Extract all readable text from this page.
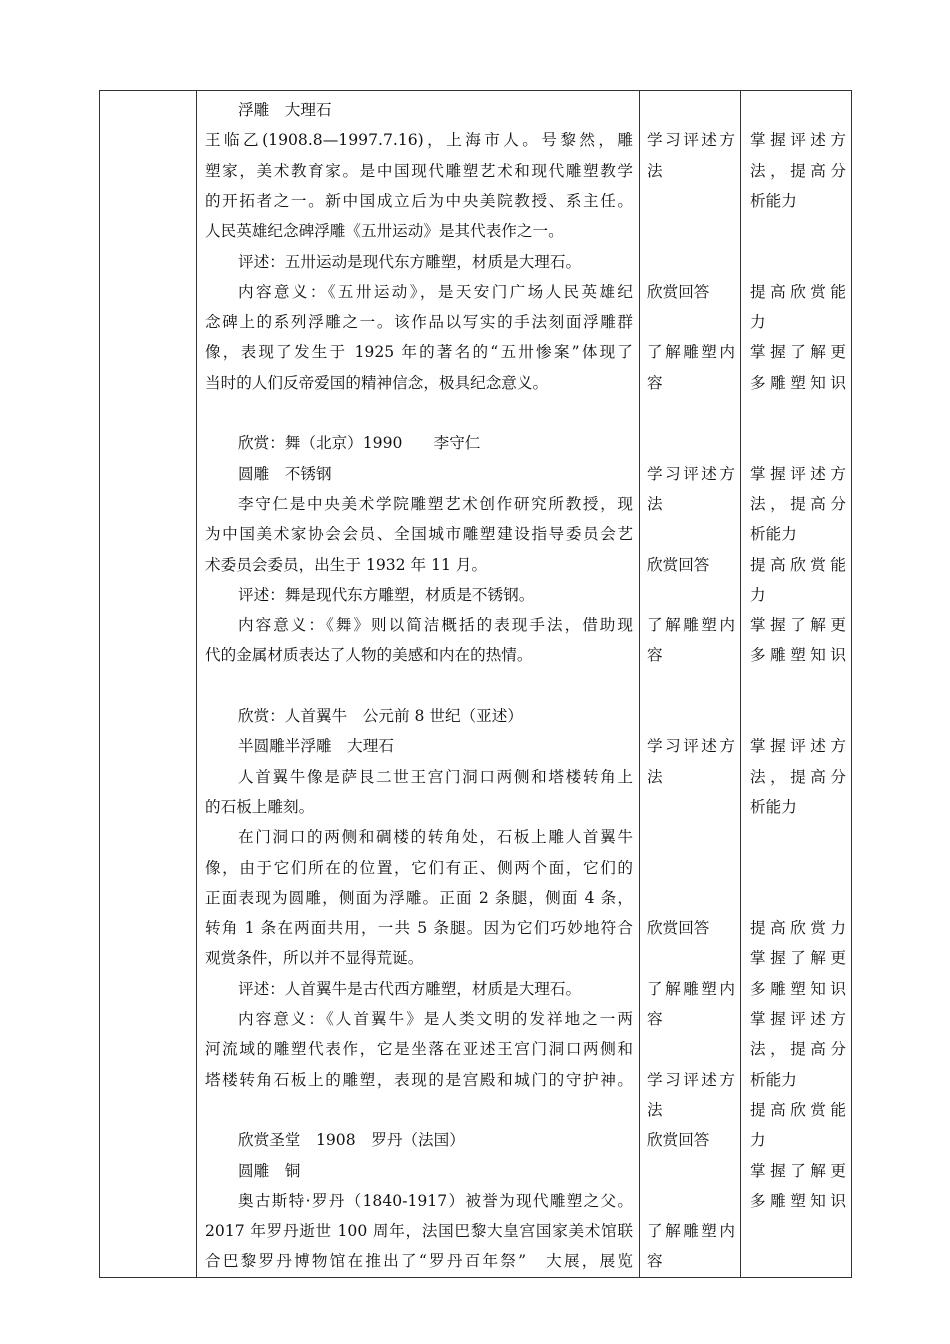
浮雕　大理石
王临乙(1908.8—1997.7.16)，上海市人。号黎然，雕
塑家，美术教育家。是中国现代雕塑艺术和现代雕塑教学
的开拓者之一。新中国成立后为中央美院教授、系主任。
人民英雄纪念碑浮雕《五卅运动》是其代表作之一。
评述：五卅运动是现代东方雕塑，材质是大理石。
内容意义：《五卅运动》，是天安门广场人民英雄纪
念碑上的系列浮雕之一。该作品以写实的手法刻面浮雕群
像，表现了发生于 1925 年的著名的“五卅惨案”体现了
当时的人们反帝爱国的精神信念，极具纪念意义。
欣赏：舞（北京）1990　　李守仁
圆雕　不锈钢
李守仁是中央美术学院雕塑艺术创作研究所教授，现
为中国美术家协会会员、全国城市雕塑建设指导委员会艺
术委员会委员，出生于 1932 年 11 月。
评述：舞是现代东方雕塑，材质是不锈钢。
内容意义：《舞》则以简洁概括的表现手法，借助现
代的金属材质表达了人物的美感和内在的热情。
欣赏：人首翼牛　公元前 8 世纪（亚述）
半圆雕半浮雕　大理石
人首翼牛像是萨艮二世王宫门洞口两侧和塔楼转角上
的石板上雕刻。
在门洞口的两侧和碉楼的转角处，石板上雕人首翼牛
像，由于它们所在的位置，它们有正、侧两个面，它们的
正面表现为圆雕，侧面为浮雕。正面 2 条腿，侧面 4 条，
转角 1 条在两面共用，一共 5 条腿。因为它们巧妙地符合
观赏条件，所以并不显得荒诞。
评述：人首翼牛是古代西方雕塑，材质是大理石。
内容意义：《人首翼牛》是人类文明的发祥地之一两
河流域的雕塑代表作，它是坐落在亚述王宫门洞口两侧和
塔楼转角石板上的雕塑，表现的是宫殿和城门的守护神。
欣赏圣堂　1908　罗丹（法国）
圆雕　铜
奥古斯特·罗丹（1840-1917）被誉为现代雕塑之父。
2017 年罗丹逝世 100 周年，法国巴黎大皇宫国家美术馆联
合巴黎罗丹博物馆在推出了“罗丹百年祭”　大展，展览
学习评述方
法
欣赏回答
了解雕塑内
容
学习评述方
法
欣赏回答
了解雕塑内
容
学习评述方
法
欣赏回答
了解雕塑内
容
学习评述方
法
欣赏回答
了解雕塑内
容
掌握评述方
法，提高分
析能力
提高欣赏能
力
掌握了解更
多雕塑知识
掌握评述方
法，提高分
析能力
提高欣赏能
力
掌握了解更
多雕塑知识
掌握评述方
法，提高分
析能力
提高欣赏力
掌握了解更
多雕塑知识
掌握评述方
法，提高分
析能力
提高欣赏能
力
掌握了解更
多雕塑知识
